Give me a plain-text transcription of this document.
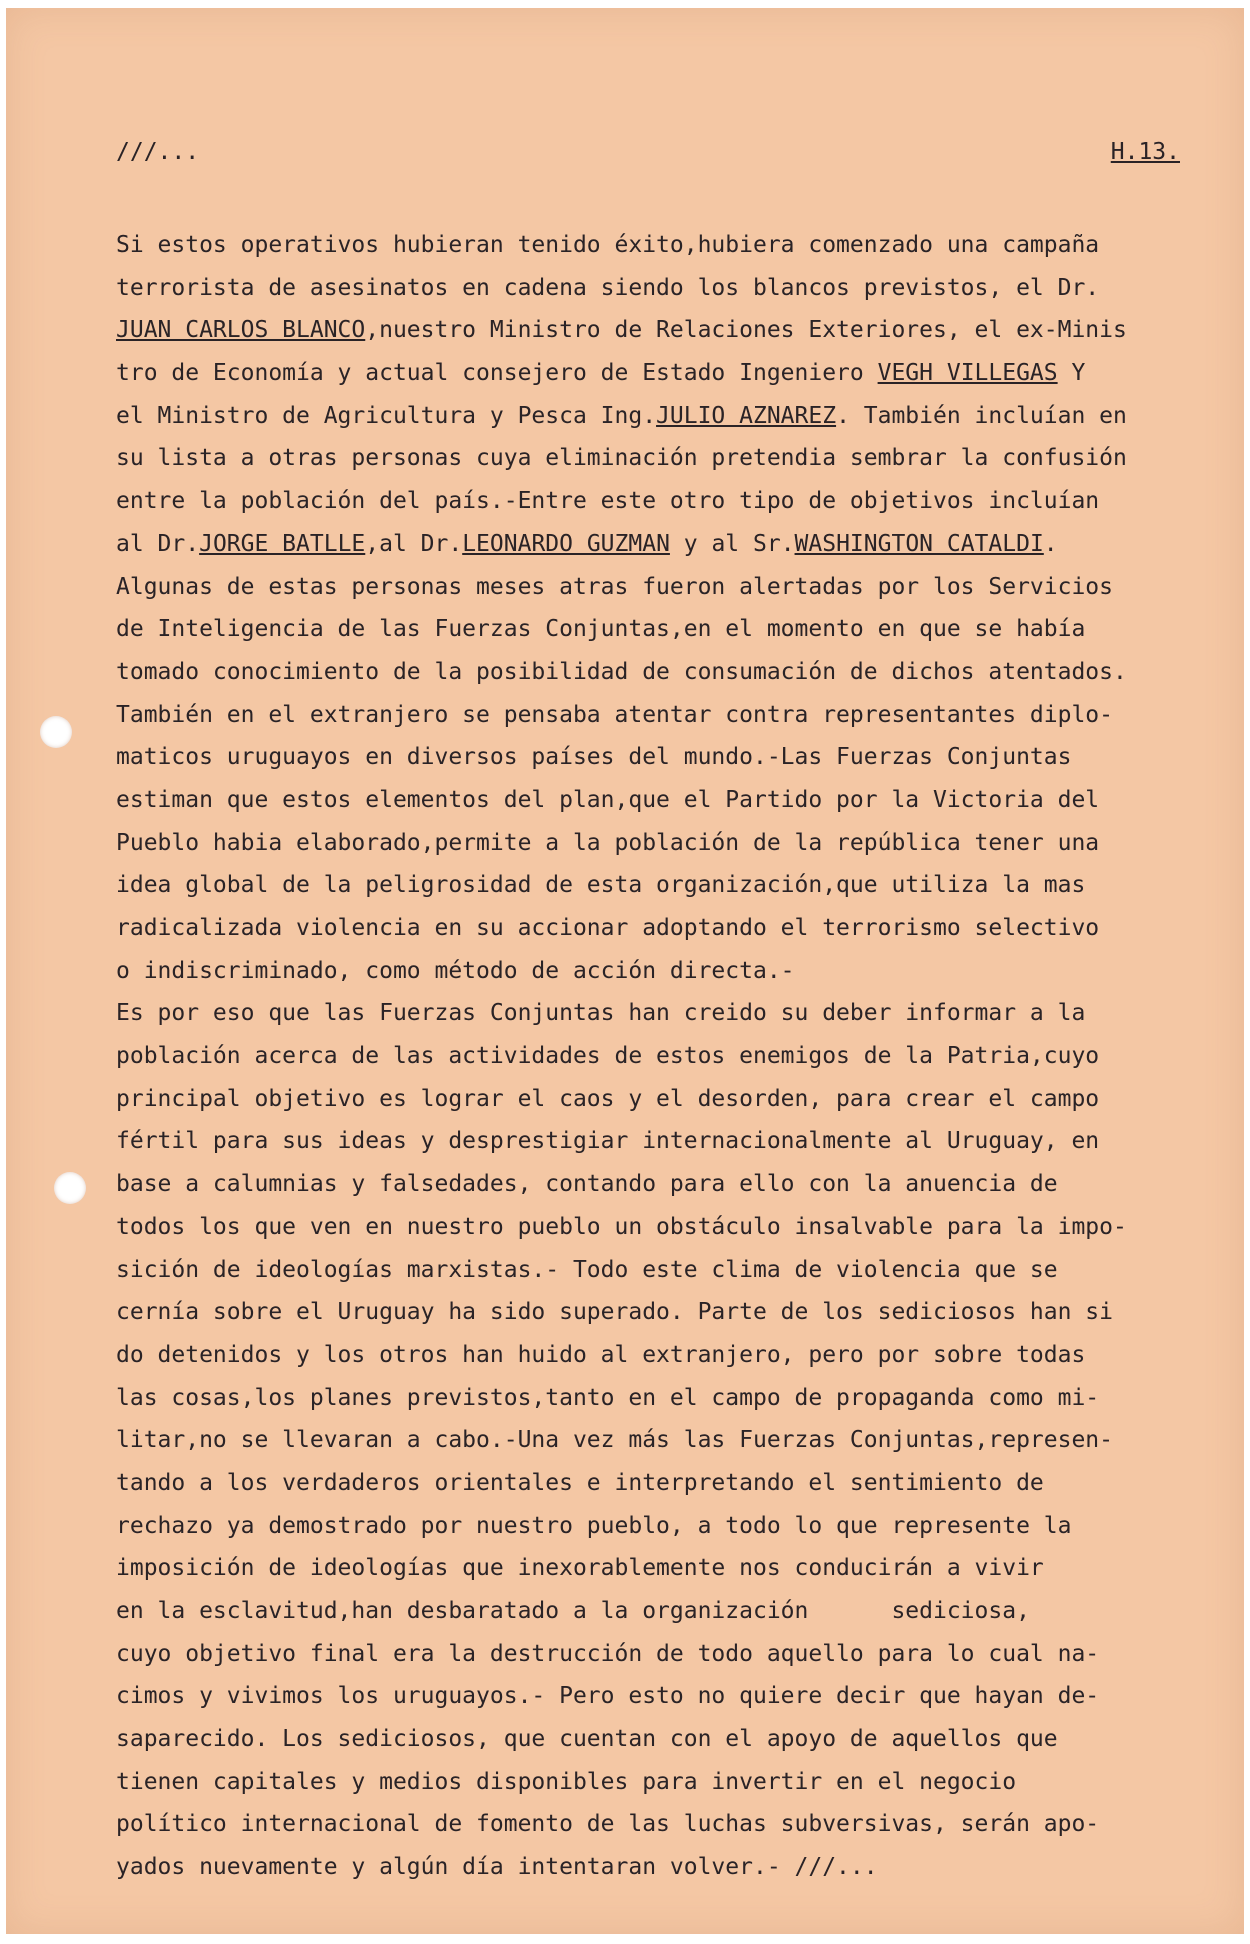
///...

	H.13.

Si estos operativos hubieran tenido éxito,hubiera comenzado una campaña
terrorista de asesinatos en cadena siendo los blancos previstos, el Dr.
JUAN CARLOS BLANCO,nuestro Ministro de Relaciones Exteriores, el ex-Minis
tro de Economía y actual consejero de Estado Ingeniero VEGH VILLEGAS Y
el Ministro de Agricultura y Pesca Ing.JULIO AZNAREZ. También incluían en
su lista a otras personas cuya eliminación pretendia sembrar la confusión
entre la población del país.-Entre este otro tipo de objetivos incluían
al Dr.JORGE BATLLE,al Dr.LEONARDO GUZMAN y al Sr.WASHINGTON CATALDI.
Algunas de estas personas meses atras fueron alertadas por los Servicios
de Inteligencia de las Fuerzas Conjuntas,en el momento en que se había
tomado conocimiento de la posibilidad de consumación de dichos atentados.
También en el extranjero se pensaba atentar contra representantes diplo-
maticos uruguayos en diversos países del mundo.-Las Fuerzas Conjuntas
estiman que estos elementos del plan,que el Partido por la Victoria del
Pueblo habia elaborado,permite a la población de la república tener una
idea global de la peligrosidad de esta organización,que utiliza la mas
radicalizada violencia en su accionar adoptando el terrorismo selectivo
o indiscriminado, como método de acción directa.-
Es por eso que las Fuerzas Conjuntas han creido su deber informar a la
población acerca de las actividades de estos enemigos de la Patria,cuyo
principal objetivo es lograr el caos y el desorden, para crear el campo
fértil para sus ideas y desprestigiar internacionalmente al Uruguay, en
base a calumnias y falsedades, contando para ello con la anuencia de
todos los que ven en nuestro pueblo un obstáculo insalvable para la impo-
sición de ideologías marxistas.- Todo este clima de violencia que se
cernía sobre el Uruguay ha sido superado. Parte de los sediciosos han si
do detenidos y los otros han huido al extranjero, pero por sobre todas
las cosas,los planes previstos,tanto en el campo de propaganda como mi-
litar,no se llevaran a cabo.-Una vez más las Fuerzas Conjuntas,represen-
tando a los verdaderos orientales e interpretando el sentimiento de
rechazo ya demostrado por nuestro pueblo, a todo lo que represente la
imposición de ideologías que inexorablemente nos conducirán a vivir
en la esclavitud,han desbaratado a la organización      sediciosa,
cuyo objetivo final era la destrucción de todo aquello para lo cual na-
cimos y vivimos los uruguayos.- Pero esto no quiere decir que hayan de-
saparecido. Los sediciosos, que cuentan con el apoyo de aquellos que
tienen capitales y medios disponibles para invertir en el negocio
político internacional de fomento de las luchas subversivas, serán apo-
yados nuevamente y algún día intentaran volver.- ///...
